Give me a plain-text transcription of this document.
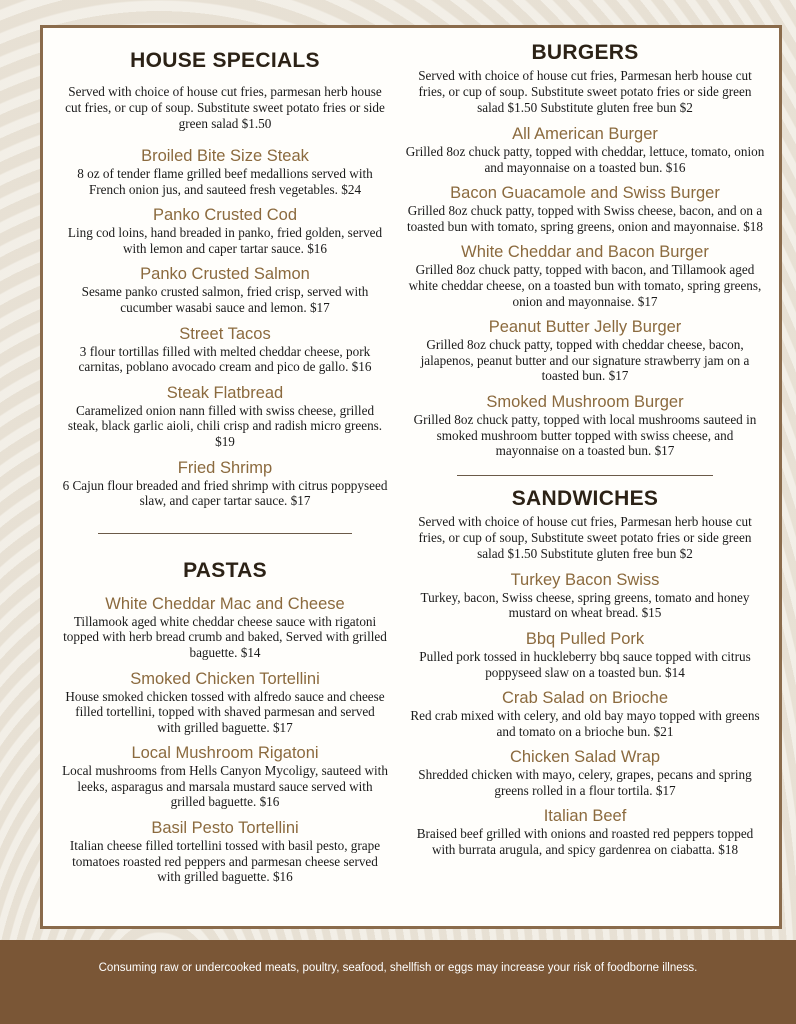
HOUSE SPECIALS

Served with choice of house cut fries, parmesan herb house cut fries, or cup of soup. Substitute sweet potato fries or side green salad $1.50

Broiled Bite Size Steak

8 oz of tender flame grilled beef medallions served with French onion jus, and sauteed fresh vegetables. $24

Panko Crusted Cod

Ling cod loins, hand breaded in panko, fried golden, served with lemon and caper tartar sauce. $16

Panko Crusted Salmon

Sesame panko crusted salmon, fried crisp, served with cucumber wasabi sauce and lemon. $17

Street Tacos

3 flour tortillas filled with melted cheddar cheese, pork carnitas, poblano avocado cream and pico de gallo. $16

Steak Flatbread

Caramelized onion nann filled with swiss cheese, grilled steak, black garlic aioli, chili crisp and radish micro greens. $19

Fried Shrimp

6 Cajun flour breaded and fried shrimp with citrus poppyseed slaw, and caper tartar sauce. $17

PASTAS

White Cheddar Mac and Cheese

Tillamook aged white cheddar cheese sauce with rigatoni topped with herb bread crumb and baked, Served with grilled baguette. $14

Smoked Chicken Tortellini

House smoked chicken tossed with alfredo sauce and cheese filled tortellini, topped with shaved parmesan and served with grilled baguette. $17

Local Mushroom Rigatoni

Local mushrooms from Hells Canyon Mycoligy, sauteed with leeks, asparagus and marsala mustard sauce served with grilled baguette. $16

Basil Pesto Tortellini

Italian cheese filled tortellini tossed with basil pesto, grape tomatoes roasted red peppers and parmesan cheese served with grilled baguette. $16

BURGERS

Served with choice of house cut fries, Parmesan herb house cut fries, or cup of soup. Substitute sweet potato fries or side green salad $1.50 Substitute gluten free bun $2

All American Burger

Grilled 8oz chuck patty, topped with cheddar, lettuce, tomato, onion and mayonnaise on a toasted bun. $16

Bacon Guacamole and Swiss Burger

Grilled 8oz chuck patty, topped with Swiss cheese, bacon, and on a toasted bun with tomato, spring greens, onion and mayonnaise. $18

White Cheddar and Bacon Burger

Grilled 8oz chuck patty, topped with bacon, and Tillamook aged white cheddar cheese, on a toasted bun with tomato, spring greens, onion and mayonnaise. $17

Peanut Butter Jelly Burger

Grilled 8oz chuck patty, topped with cheddar cheese, bacon, jalapenos, peanut butter and our signature strawberry jam on a toasted bun. $17

Smoked Mushroom Burger

Grilled 8oz chuck patty, topped with local mushrooms sauteed in smoked mushroom butter topped with swiss cheese, and mayonnaise on a toasted bun. $17

SANDWICHES

Served with choice of house cut fries, Parmesan herb house cut fries, or cup of soup, Substitute sweet potato fries or side green salad $1.50 Substitute gluten free bun $2

Turkey Bacon Swiss

Turkey, bacon, Swiss cheese, spring greens, tomato and honey mustard on wheat bread. $15

Bbq Pulled Pork

Pulled pork tossed in huckleberry bbq sauce topped with citrus poppyseed slaw on a toasted bun. $14

Crab Salad on Brioche

Red crab mixed with celery, and old bay mayo topped with greens and tomato on a brioche bun. $21

Chicken Salad Wrap

Shredded chicken with mayo, celery, grapes, pecans and spring greens rolled in a flour tortila. $17

Italian Beef

Braised beef grilled with onions and roasted red peppers topped with burrata arugula, and spicy gardenrea on ciabatta. $18

Consuming raw or undercooked meats, poultry, seafood, shellfish or eggs may increase your risk of foodborne illness.
